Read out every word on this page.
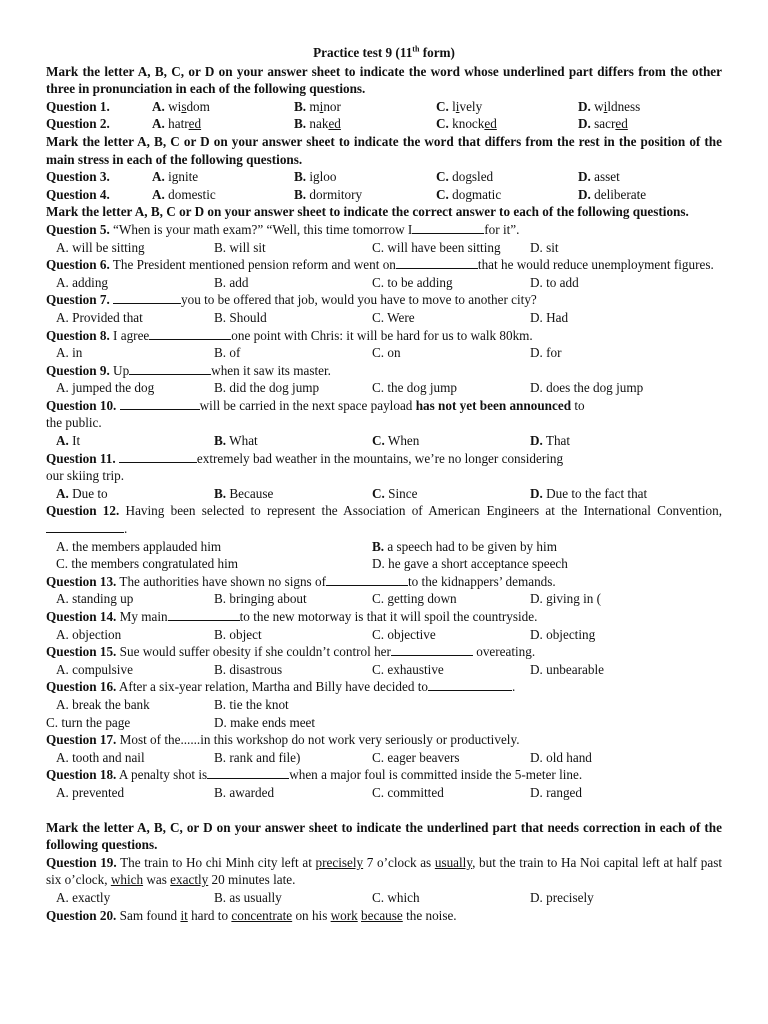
Practice test 9 (11th form)
Mark the letter A, B, C, or D on your answer sheet to indicate the word whose underlined part differs from the other three in pronunciation in each of the following questions.
Question 1.	A. wisdom	B. minor	C. lively	D. wildness
Question 2.	A. hatred	B. naked	C. knocked	D. sacred
Mark the letter A, B, C or D on your answer sheet to indicate the word that differs from the rest in the position of the main stress in each of the following questions.
Question 3.	A. ignite	B. igloo	C. dogsled	D. asset
Question 4.	A. domestic	B. dormitory	C. dogmatic	D. deliberate
Mark the letter A, B, C or D on your answer sheet to indicate the correct answer to each of the following questions.
Question 5. “When is your math exam?” “Well, this time tomorrow I	for it”.
A. will be sitting	B. will sit	C. will have been sitting	D. sit
Question 6. The President mentioned pension reform and went on	that he would reduce unemployment figures.
A. adding	B. add	C. to be adding	D. to add
Question 7.	you to be offered that job, would you have to move to another city?
A. Provided that	B. Should	C. Were	D. Had
Question 8. I agree	one point with Chris: it will be hard for us to walk 80km.
A. in	B. of	C. on	D. for
Question 9. Up	when it saw its master.
A. jumped the dog	B. did the dog jump	C. the dog jump	D. does the dog jump
Question 10.	will be carried in the next space payload has not yet been announced to
the public.
A. It	B. What	C. When	D. That
Question 11.	extremely bad weather in the mountains, we’re no longer considering
our skiing trip.
A. Due to	B. Because	C. Since	D. Due to the fact that
Question 12. Having been selected to represent the Association of American Engineers at the International Convention, .
A. the members applauded him	B. a speech had to be given by him
C. the members congratulated him	D. he gave a short acceptance speech
Question 13. The authorities have shown no signs of	to the kidnappers’ demands.
A. standing up	B. bringing about	C. getting down	D. giving in (
Question 14. My main	to the new motorway is that it will spoil the countryside.
A. objection	B. object	C. objective	D. objecting
Question 15. Sue would suffer obesity if she couldn’t control her	overeating.
A. compulsive	B. disastrous	C. exhaustive	D. unbearable
Question 16. After a six-year relation, Martha and Billy have decided to	.
A. break the bank	B. tie the knot
C. turn the page	D. make ends meet
Question 17. Most of the......in this workshop do not work very seriously or productively.
A. tooth and nail	B. rank and file)	C. eager beavers	D. old hand
Question 18. A penalty shot is	when a major foul is committed inside the 5-meter line.
A. prevented	B. awarded	C. committed	D. ranged
Mark the letter A, B, C, or D on your answer sheet to indicate the underlined part that needs correction in each of the following questions.
Question 19. The train to Ho chi Minh city left at precisely 7 o’clock as usually, but the train to Ha Noi capital left at half past six o’clock, which was exactly 20 minutes late.
A. exactly	B. as usually	C. which	D. precisely
Question 20. Sam found it hard to concentrate on his work because the noise.
